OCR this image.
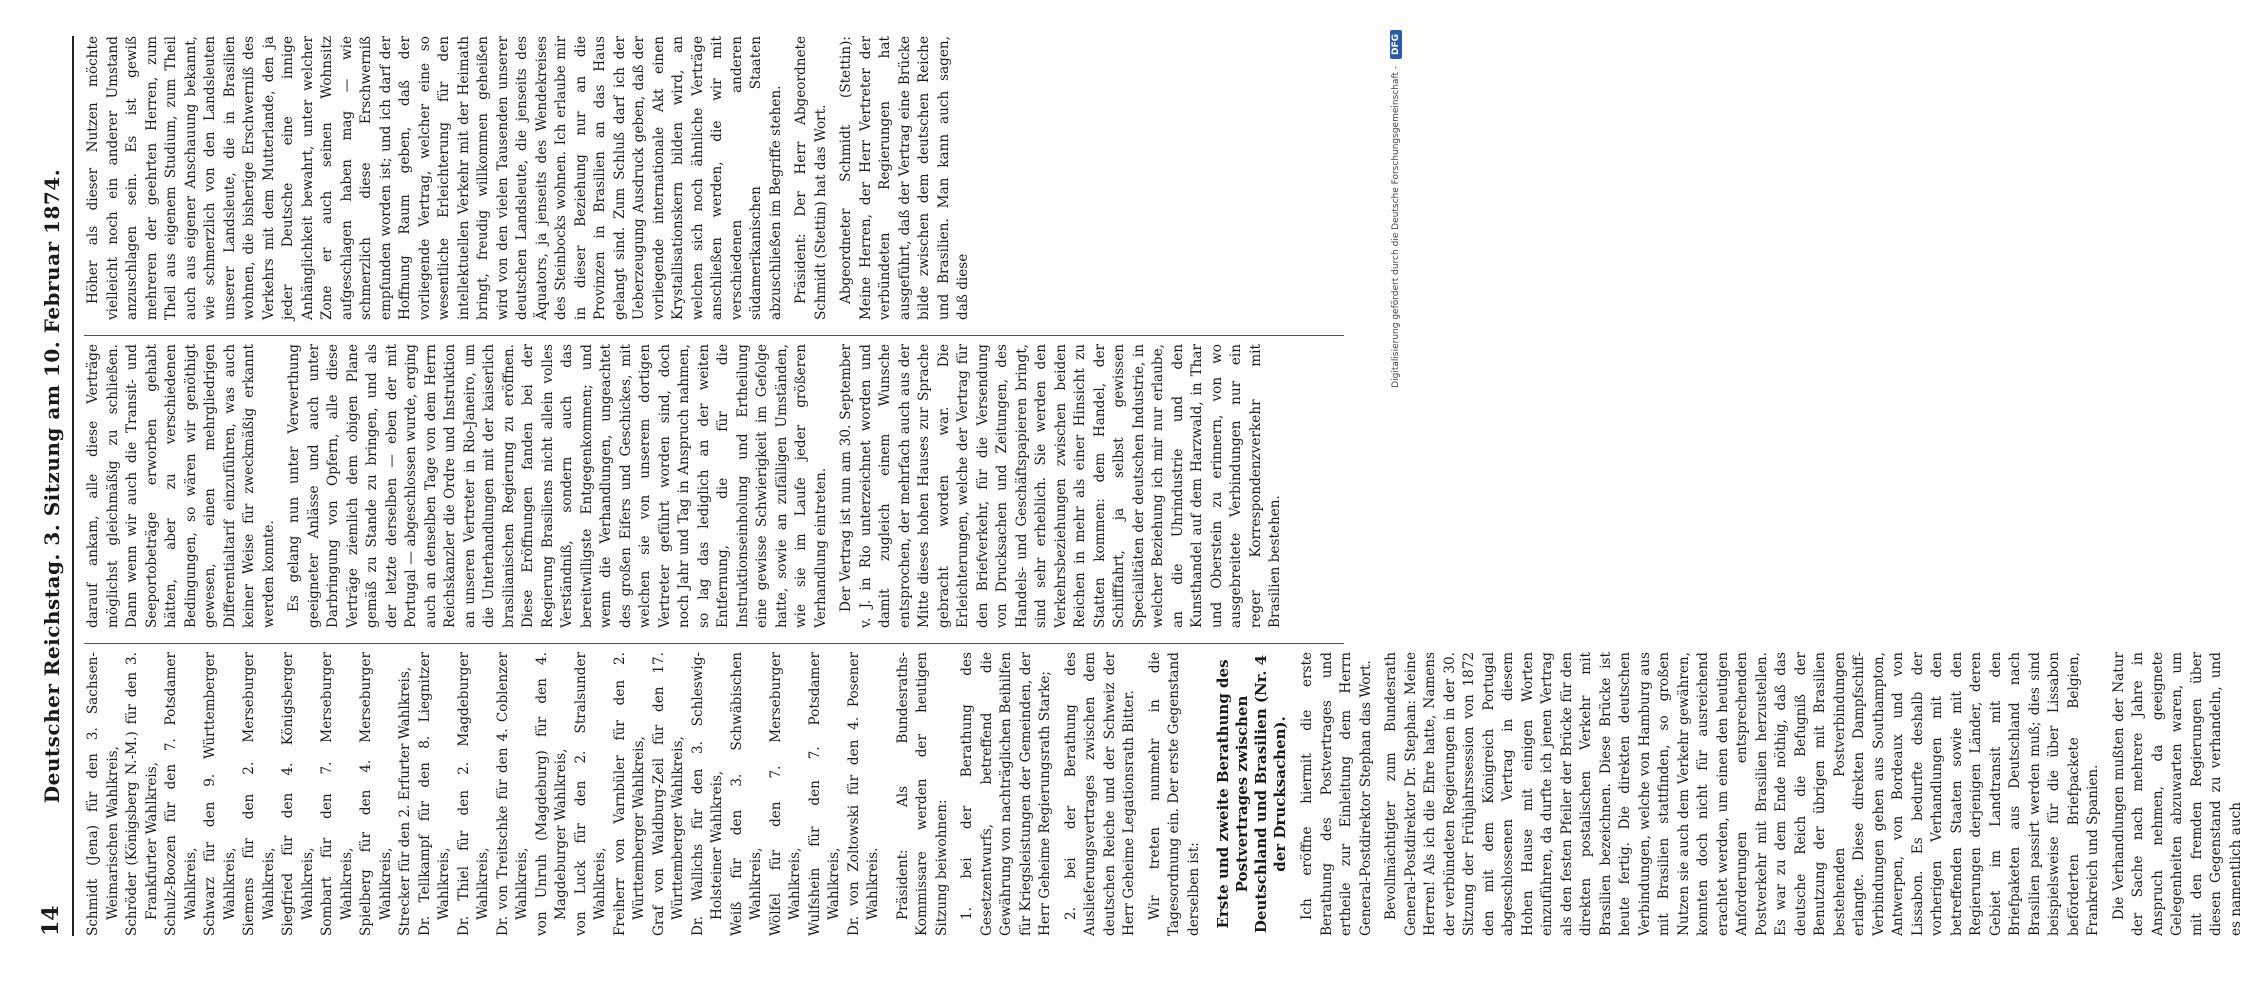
14
Deutscher Reichstag. 3. Sitzung am 10. Februar 1874. Schmidt (Jena) für den 3. Sachsen-Weimarischen Wahlkreis, Schröder (Königsberg N.-M.) für den 3. Frankfurter Wahlkreis, Schulz-Boozen für den 7. Potsdamer Wahlkreis, Schwarz für den 9. Württemberger Wahlkreis, Siemens für den 2. Merseburger Wahlkreis, Siegfried für den 4. Königsberger Wahlkreis, Sombart für den 7. Merseburger Wahlkreis, Spielberg für den 4. Merseburger Wahlkreis, Strecker für den 2. Erfurter Wahlkreis, Dr. Tellkampf für den 8. Liegnitzer Wahlkreis, Dr. Thiel für den 2. Magdeburger Wahlkreis, Dr. von Treitschke für den 4. Coblenzer Wahlkreis, von Unruh (Magdeburg) für den 4. Magdeburger Wahlkreis, von Luck für den 2. Stralsunder Wahlkreis, Freiherr von Varnbüler für den 2. Württemberger Wahlkreis, Graf von Waldburg-Zeil für den 17. Württemberger Wahlkreis, Dr. Wallichs für den 3. Schleswig-Holsteiner Wahlkreis, Weiß für den 3. Schwäbischen Wahlkreis, Wölfel für den 7. Merseburger Wahlkreis, Wulfshein für den 7. Potsdamer Wahlkreis, Dr. von Zoltowski für den 4. Posener Wahlkreis. Präsident: Als Bundesraths-Kommissare werden der heutigen Sitzung beiwohnen: 1. bei der Berathung des Gesetzentwurfs, betreffend die Gewährung von nachträglichen Beihilfen für Kriegsleistungen der Gemeinden, der Herr Geheime Regierungsrath Starke; 2. bei der Berathung des Auslieferungsvertrages zwischen dem deutschen Reiche und der Schweiz der Herr Geheime Legationsrath Bitter. Wir treten nunmehr in die Tagesordnung ein. Der erste Gegenstand derselben ist: Erste und zweite Berathung des Postvertrages zwischen Deutschland und Brasilien (Nr. 4 der Drucksachen). Ich eröffne hiermit die erste Berathung des Postvertrages und ertheile zur Einleitung dem Herrn General-Postdirektor Stephan das Wort. Bevollmächtigter zum Bundesrath General-Postdirektor Dr. Stephan: Meine Herren! Als ich die Ehre hatte, Namens der verbündeten Regierungen in der 30. Sitzung der Frühjahrssession von 1872 den mit dem Königreich Portugal abgeschlossenen Vertrag in diesem Hohen Hause mit einigen Worten einzuführen, da durfte ich jenen Vertrag als den festen Pfeiler der Brücke für den direkten postalischen Verkehr mit Brasilien bezeichnen. Diese Brücke ist heute fertig. Die direkten deutschen Verbindungen, welche von Hamburg aus mit Brasilien stattfinden, so großen Nutzen sie auch dem Verkehr gewähren, konnten doch nicht für ausreichend erachtet werden, um einen den heutigen Anforderungen entsprechenden Postverkehr mit Brasilien herzustellen. Es war zu dem Ende nöthig, daß das deutsche Reich die Befugniß der Benutzung der übrigen mit Brasilien bestehenden Postverbindungen erlangte. Diese direkten Dampfschiff-Verbindungen gehen aus Southampton, Antwerpen, von Bordeaux und von Lissabon. Es bedurfte deshalb der vorherigen Verhandlungen mit den betreffenden Staaten sowie mit den Regierungen derjenigen Länder, deren Gebiet im Landtransit mit den Briefpaketen aus Deutschland nach Brasilien passirt werden muß; dies sind beispielsweise für die über Lissabon beförderten Briefpackete Belgien, Frankreich und Spanien. Die Verhandlungen mußten der Natur der Sache nach mehrere Jahre in Anspruch nehmen, da geeignete Gelegenheiten abzuwarten waren, um mit den fremden Regierungen über diesen Gegenstand zu verhandeln, und es namentlich auch

darauf ankam, alle diese Verträge möglichst gleichmäßig zu schließen. Dann wenn wir auch die Transit- und Seeportobeträge erworben gehabt hätten, aber zu verschiedenen Bedingungen, so wären wir genöthigt gewesen, einen mehrgliedrigen Differentialtarif einzuführen, was auch keiner Weise für zweckmäßig erkannt werden konnte. Es gelang nun unter Verwerthung geeigneter Anlässe und auch unter Darbringung von Opfern, alle diese Verträge ziemlich dem obigen Plane gemäß zu Stande zu bringen, und als der letzte derselben — eben der mit Portugal — abgeschlossen wurde, erging auch an denselben Tage von dem Herrn Reichskanzler die Ordre und Instruktion an unseren Vertreter in Rio-Janeiro, um die Unterhandlungen mit der kaiserlich brasilianischen Regierung zu eröffnen. Diese Eröffnungen fanden bei der Regierung Brasiliens nicht allein volles Verständniß, sondern auch das bereitwilligste Entgegenkommen; und wenn die Verhandlungen, ungeachtet des großen Eifers und Geschickes, mit welchen sie von unserem dortigen Vertreter geführt worden sind, doch noch Jahr und Tag in Anspruch nahmen, so lag das lediglich an der weiten Entfernung, die für die Instruktionseinholung und Ertheilung eine gewisse Schwierigkeit im Gefolge hatte, sowie an zufälligen Umständen, wie sie im Laufe jeder größeren Verhandlung eintreten. Der Vertrag ist nun am 30. September v. J. in Rio unterzeichnet worden und damit zugleich einem Wunsche entsprochen, der mehrfach auch aus der Mitte dieses hohen Hauses zur Sprache gebracht worden war. Die Erleichterungen, welche der Vertrag für den Briefverkehr, für die Versendung von Drucksachen und Zeitungen, des Handels- und Geschäftspapieren bringt, sind sehr erheblich. Sie werden den Verkehrsbeziehungen zwischen beiden Reichen in mehr als einer Hinsicht zu Statten kommen: dem Handel, der Schifffahrt, ja selbst gewissen Specialitäten der deutschen Industrie, in welcher Beziehung ich mir nur erlaube, an die Uhrindustrie und den Kunsthandel auf dem Harzwald, in Thar und Oberstein zu erinnern, von wo ausgebreitete Verbindungen nur ein reger Korrespondenzverkehr mit Brasilien bestehen.

Höher als dieser Nutzen möchte vielleicht noch ein anderer Umstand anzuschlagen sein. Es ist gewiß mehreren der geehrten Herren, zum Theil aus eigenem Studium, zum Theil auch aus eigener Anschauung bekannt, wie schmerzlich von den Landsleuten unserer Landsleute, die in Brasilien wohnen, die bisherige Erschwerniß des Verkehrs mit dem Mutterlande, den ja jeder Deutsche eine innige Anhänglichkeit bewahrt, unter welcher Zone er auch seinen Wohnsitz aufgeschlagen haben mag — wie schmerzlich diese Erschwerniß empfunden worden ist; und ich darf der Hoffnung Raum geben, daß der vorliegende Vertrag, welcher eine so wesentliche Erleichterung für den intellektuellen Verkehr mit der Heimath bringt, freudig willkommen geheißen wird von den vielen Tausenden unserer deutschen Landsleute, die jenseits des Äquators, ja jenseits des Wendekreises des Steinbocks wohnen. Ich erlaube mir in dieser Beziehung nur an die Provinzen in Brasilien an das Haus gelangt sind. Zum Schluß darf ich der Ueberzeugung Ausdruck geben, daß der vorliegende internationale Akt einen Krystallisationskern bilden wird, an welchen sich noch ähnliche Verträge anschließen werden, die wir mit verschiedenen anderen südamerikanischen Staaten abzuschließen im Begriffe stehen. Präsident: Der Herr Abgeordnete Schmidt (Stettin) hat das Wort. Abgeordneter Schmidt (Stettin): Meine Herren, der Herr Vertreter der verbündeten Regierungen hat ausgeführt, daß der Vertrag eine Brücke bilde zwischen dem deutschen Reiche und Brasilien. Man kann auch sagen, daß diese	Digitalisierung gefördert durch die Deutsche Forschungsgemeinschaft - DFG
